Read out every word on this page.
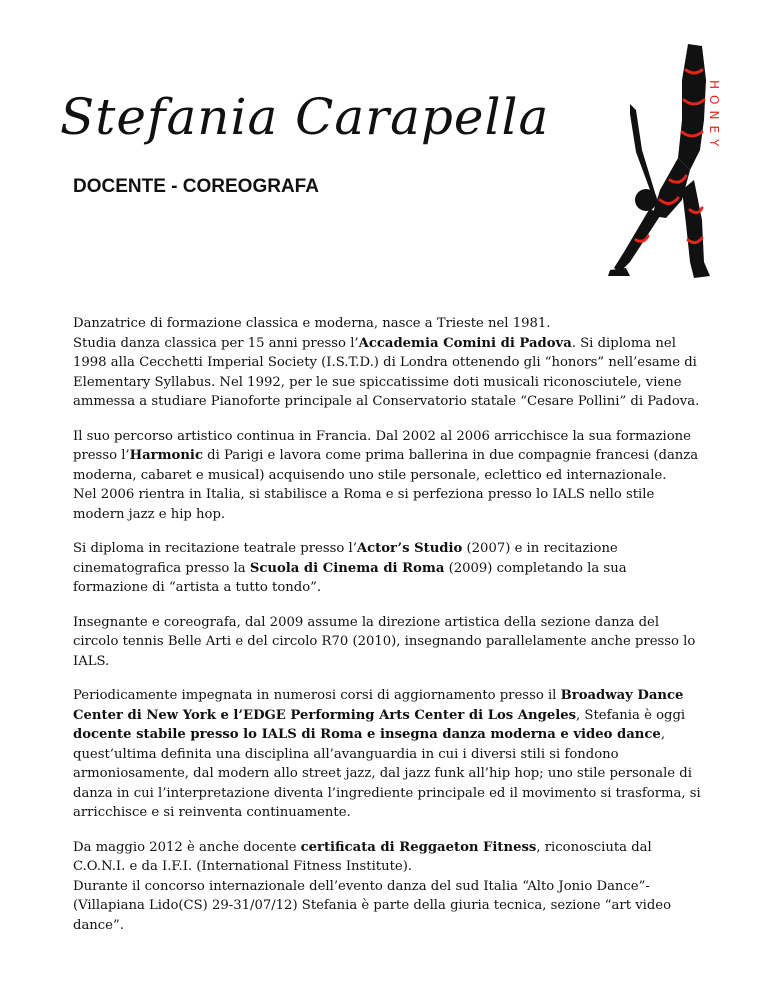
Stefania Carapella
DOCENTE - COREOGRAFA
HONEY

Danzatrice di formazione classica e moderna, nasce a Trieste nel 1981.
Studia danza classica per 15 anni presso l’Accademia Comini di Padova. Si diploma nel 1998 alla Cecchetti Imperial Society (I.S.T.D.) di Londra ottenendo gli “honors” nell’esame di Elementary Syllabus. Nel 1992, per le sue spiccatissime doti musicali riconosciutele, viene ammessa a studiare Pianoforte principale al Conservatorio statale “Cesare Pollini” di Padova.

Il suo percorso artistico continua in Francia. Dal 2002 al 2006 arricchisce la sua formazione presso l’Harmonic di Parigi e lavora come prima ballerina in due compagnie francesi (danza moderna, cabaret e musical) acquisendo uno stile personale, eclettico ed internazionale.
Nel 2006 rientra in Italia, si stabilisce a Roma e si perfeziona presso lo IALS nello stile modern jazz e hip hop.

Si diploma in recitazione teatrale presso l’Actor’s Studio (2007) e in recitazione cinematografica presso la Scuola di Cinema di Roma (2009) completando la sua formazione di “artista a tutto tondo”.

Insegnante e coreografa, dal 2009 assume la direzione artistica della sezione danza del circolo tennis Belle Arti e del circolo R70 (2010), insegnando parallelamente anche presso lo IALS.

Periodicamente impegnata in numerosi corsi di aggiornamento presso il Broadway Dance Center di New York e l’EDGE Performing Arts Center di Los Angeles, Stefania è oggi docente stabile presso lo IALS di Roma e insegna danza moderna e video dance, quest’ultima definita una disciplina all’avanguardia in cui i diversi stili si fondono armoniosamente, dal modern allo street jazz, dal jazz funk all’hip hop; uno stile personale di danza in cui l’interpretazione diventa l’ingrediente principale ed il movimento si trasforma, si arricchisce e si reinventa continuamente.

Da maggio 2012 è anche docente certificata di Reggaeton Fitness, riconosciuta dal C.O.N.I. e da I.F.I. (International Fitness Institute).
Durante il concorso internazionale dell’evento danza del sud Italia “Alto Jonio Dance”- (Villapiana Lido(CS) 29-31/07/12) Stefania è parte della giuria tecnica, sezione “art video dance”.
